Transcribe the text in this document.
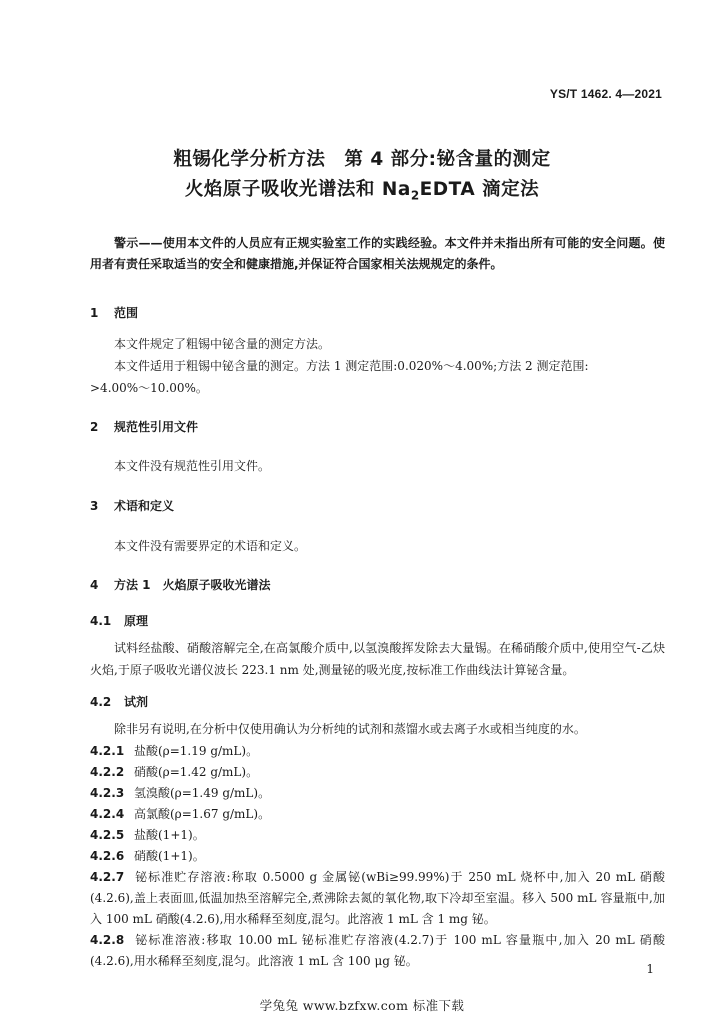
YS/T 1462. 4—2021
粗锡化学分析方法　第 4 部分:铋含量的测定
火焰原子吸收光谱法和 $Na_2EDTA$ 滴定法
警示——使用本文件的人员应有正规实验室工作的实践经验。本文件并未指出所有可能的安全问题。使用者有责任采取适当的安全和健康措施,并保证符合国家相关法规规定的条件。
1 范围
本文件规定了粗锡中铋含量的测定方法。
本文件适用于粗锡中铋含量的测定。方法 1 测定范围:0.020%～4.00%;方法 2 测定范围:
>4.00%～10.00%。
2 规范性引用文件
本文件没有规范性引用文件。
3 术语和定义
本文件没有需要界定的术语和定义。
4 方法 1　火焰原子吸收光谱法
4.1 原理
试料经盐酸、硝酸溶解完全,在高氯酸介质中,以氢溴酸挥发除去大量锡。在稀硝酸介质中,使用空气-乙炔火焰,于原子吸收光谱仪波长 223.1 nm 处,测量铋的吸光度,按标准工作曲线法计算铋含量。
4.2 试剂
除非另有说明,在分析中仅使用确认为分析纯的试剂和蒸馏水或去离子水或相当纯度的水。
4.2.1 盐酸(ρ=1.19 g/mL)。
4.2.2 硝酸(ρ=1.42 g/mL)。
4.2.3 氢溴酸(ρ=1.49 g/mL)。
4.2.4 高氯酸(ρ=1.67 g/mL)。
4.2.5 盐酸(1+1)。
4.2.6 硝酸(1+1)。
4.2.7 铋标准贮存溶液:称取 0.5000 g 金属铋(wBi≥99.99%)于 250 mL 烧杯中,加入 20 mL 硝酸(4.2.6),盖上表面皿,低温加热至溶解完全,煮沸除去氮的氧化物,取下冷却至室温。移入 500 mL 容量瓶中,加入 100 mL 硝酸(4.2.6),用水稀释至刻度,混匀。此溶液 1 mL 含 1 mg 铋。
4.2.8 铋标准溶液:移取 10.00 mL 铋标准贮存溶液(4.2.7)于 100 mL 容量瓶中,加入 20 mL 硝酸(4.2.6),用水稀释至刻度,混匀。此溶液 1 mL 含 100 μg 铋。
1
学兔兔 www.bzfxw.com 标准下载
